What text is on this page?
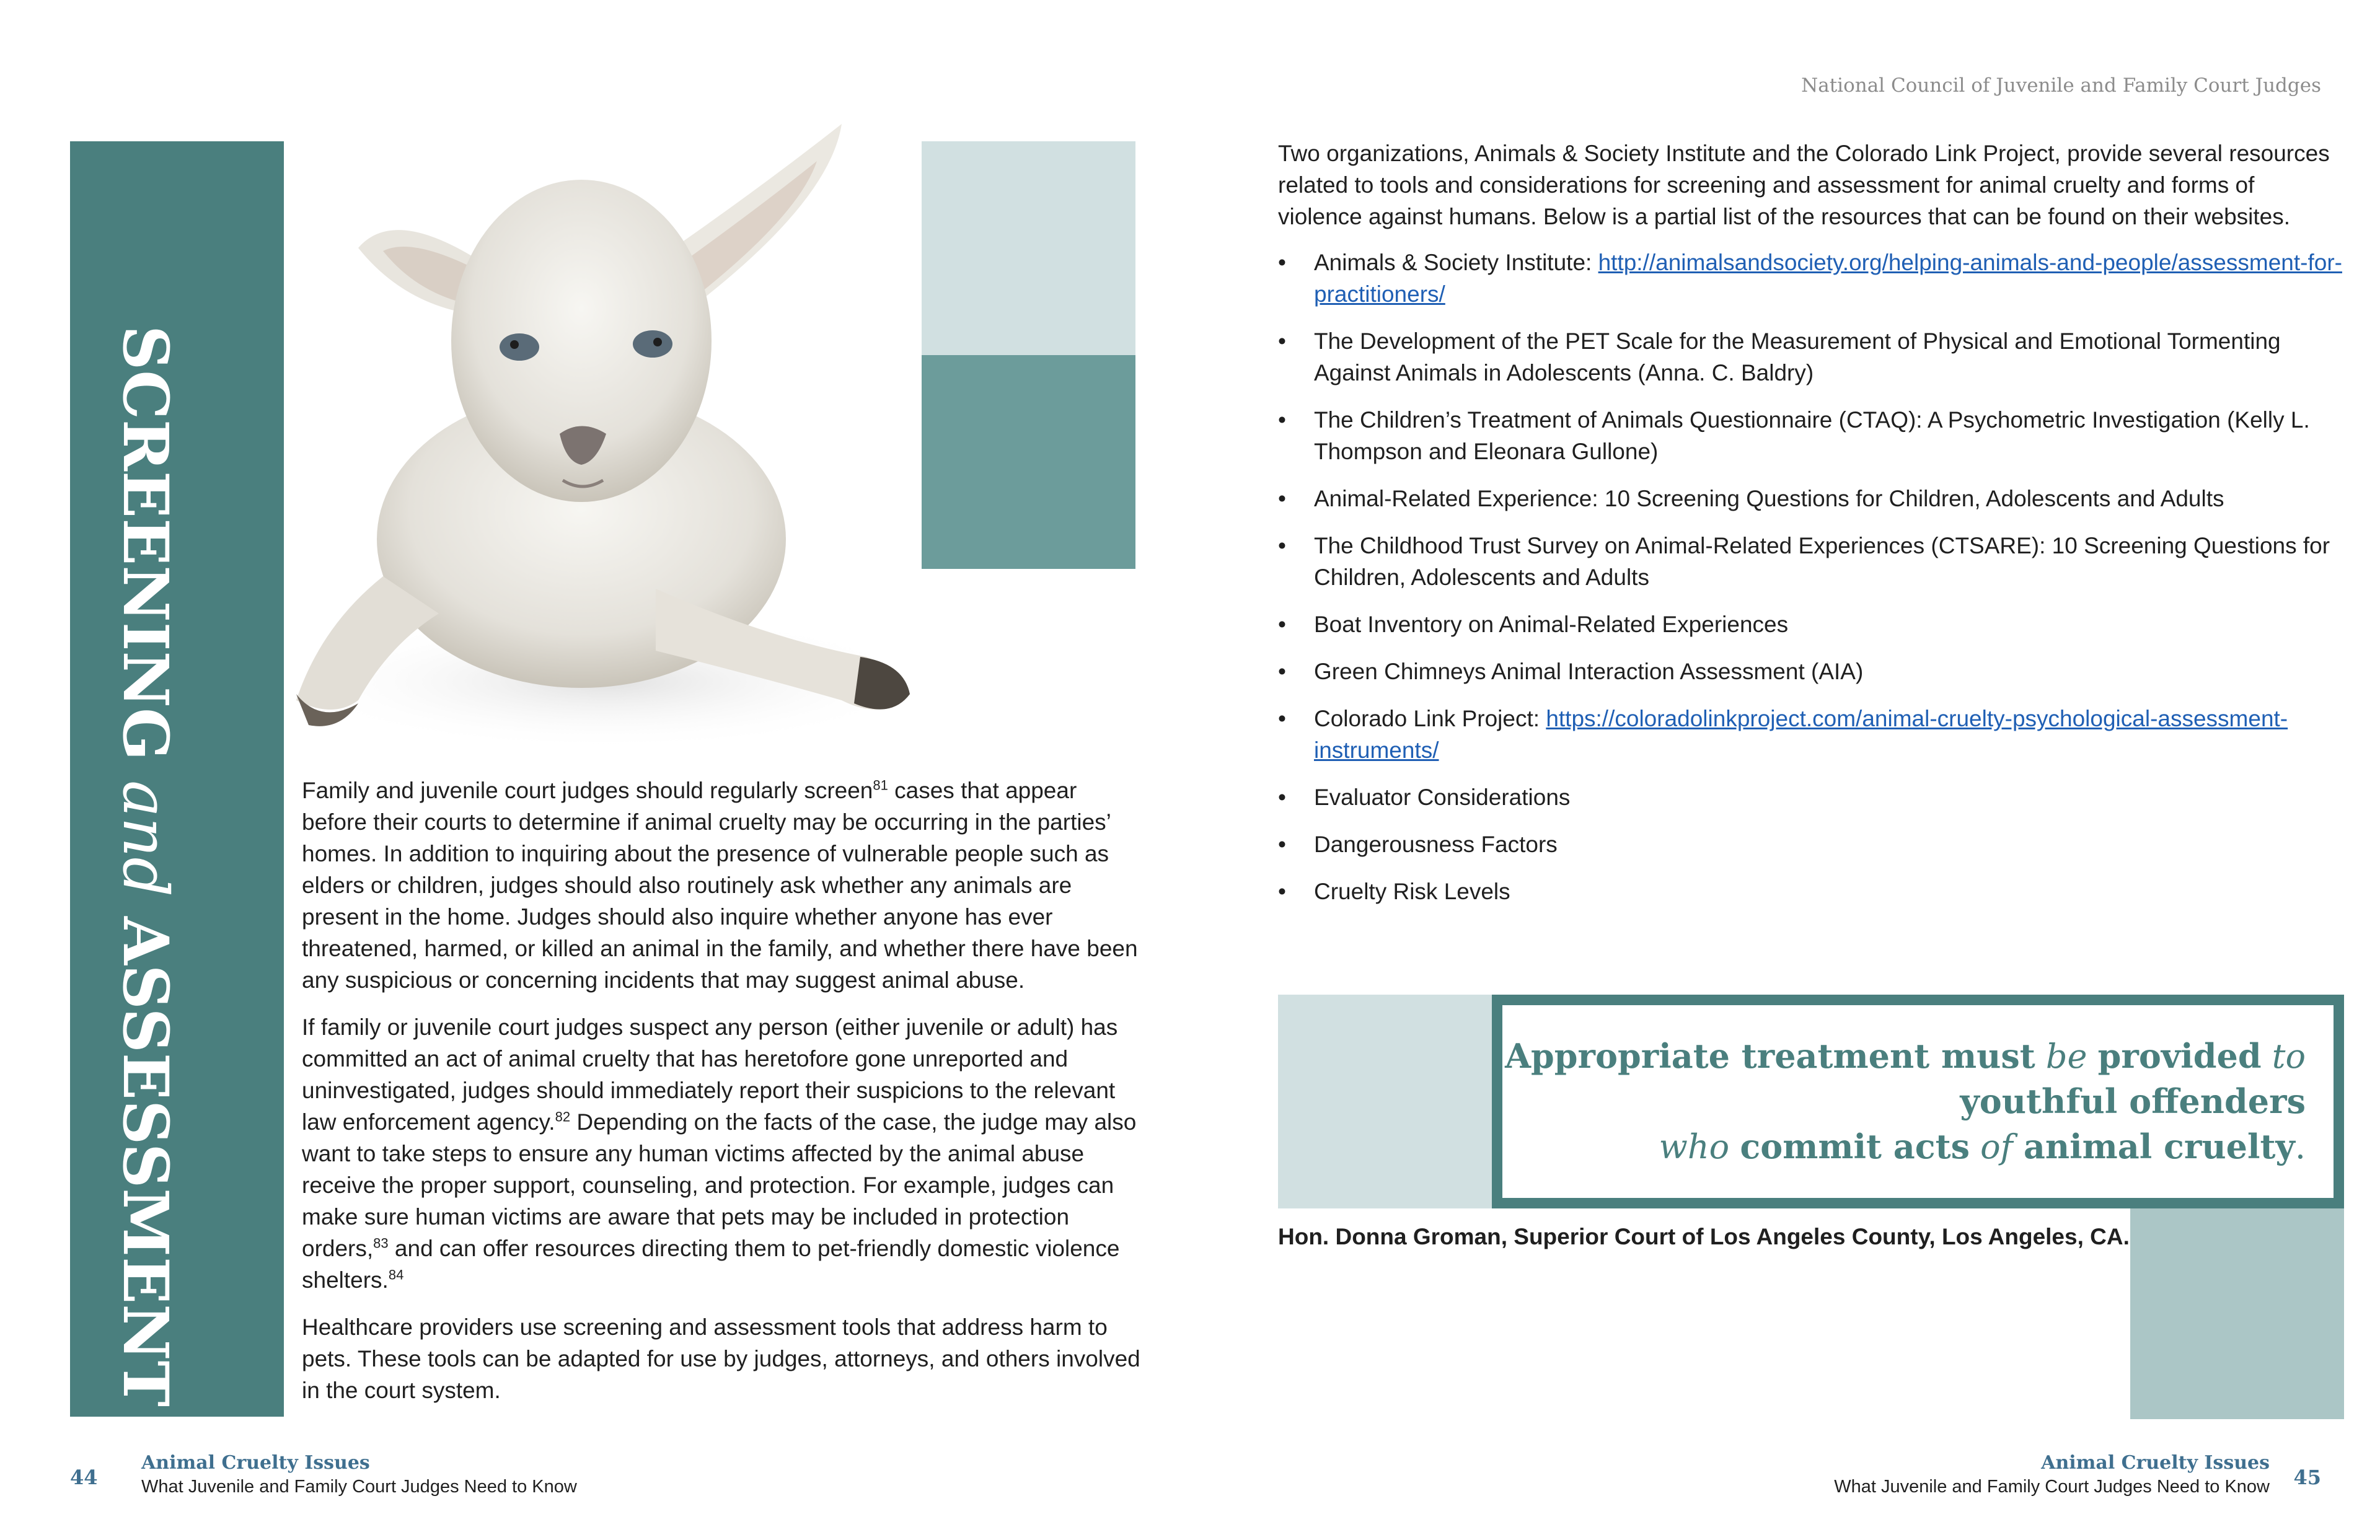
National Council of Juvenile and Family Court Judges
SCREENING and ASSESSMENT

Family and juvenile court judges should regularly screen$^{81}$ cases that appear before their courts to determine if animal cruelty may be occurring in the parties’ homes. In addition to inquiring about the presence of vulnerable people such as elders or children, judges should also routinely ask whether any animals are present in the home. Judges should also inquire whether anyone has ever threatened, harmed, or killed an animal in the family, and whether there have been any suspicious or concerning incidents that may suggest animal abuse.

If family or juvenile court judges suspect any person (either juvenile or adult) has committed an act of animal cruelty that has heretofore gone unreported and uninvestigated, judges should immediately report their suspicions to the relevant law enforcement agency.$^{82}$ Depending on the facts of the case, the judge may also want to take steps to ensure any human victims affected by the animal abuse receive the proper support, counseling, and protection. For example, judges can make sure human victims are aware that pets may be included in protection orders,$^{83}$ and can offer resources directing them to pet-friendly domestic violence shelters.$^{84}$

Healthcare providers use screening and assessment tools that address harm to pets. These tools can be adapted for use by judges, attorneys, and others involved in the court system.

Two organizations, Animals & Society Institute and the Colorado Link Project, provide several resources related to tools and considerations for screening and assessment for animal cruelty and forms of violence against humans. Below is a partial list of the resources that can be found on their websites.
• Animals & Society Institute: http://animalsandsociety.org/helping-animals-and-people/assessment-for-practitioners/
• The Development of the PET Scale for the Measurement of Physical and Emotional Tormenting Against Animals in Adolescents (Anna. C. Baldry)
• The Children’s Treatment of Animals Questionnaire (CTAQ): A Psychometric Investigation (Kelly L. Thompson and Eleonara Gullone)
• Animal-Related Experience: 10 Screening Questions for Children, Adolescents and Adults
• The Childhood Trust Survey on Animal-Related Experiences (CTSARE): 10 Screening Questions for Children, Adolescents and Adults
• Boat Inventory on Animal-Related Experiences
• Green Chimneys Animal Interaction Assessment (AIA)
• Colorado Link Project: https://coloradolinkproject.com/animal-cruelty-psychological-assessment-instruments/
• Evaluator Considerations
• Dangerousness Factors
• Cruelty Risk Levels
Appropriate treatment must be provided to youthful offenders
who commit acts of animal cruelty.
Hon. Donna Groman, Superior Court of Los Angeles County, Los Angeles, CA.
44
Animal Cruelty Issues
What Juvenile and Family Court Judges Need to Know
Animal Cruelty Issues
What Juvenile and Family Court Judges Need to Know 45
